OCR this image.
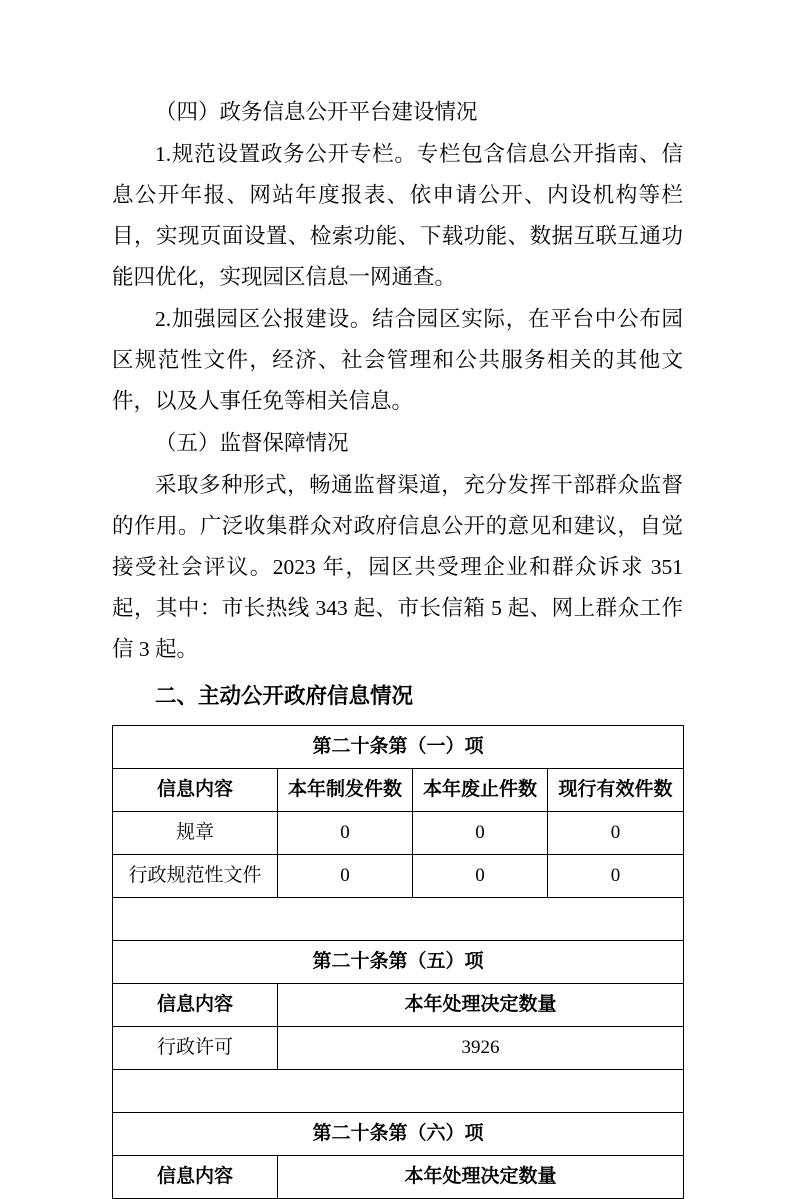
（四）政务信息公开平台建设情况

1.规范设置政务公开专栏。专栏包含信息公开指南、信息公开年报、网站年度报表、依申请公开、内设机构等栏目，实现页面设置、检索功能、下载功能、数据互联互通功能四优化，实现园区信息一网通查。

2.加强园区公报建设。结合园区实际，在平台中公布园区规范性文件，经济、社会管理和公共服务相关的其他文件，以及人事任免等相关信息。

（五）监督保障情况

采取多种形式，畅通监督渠道，充分发挥干部群众监督的作用。广泛收集群众对政府信息公开的意见和建议，自觉接受社会评议。2023 年，园区共受理企业和群众诉求 351 起，其中：市长热线 343 起、市长信箱 5 起、网上群众工作信 3 起。

二、主动公开政府信息情况
第二十条第（一）项			
信息内容	本年制发件数	本年废止件数	现行有效件数
规章	0	0	0
行政规范性文件	0	0	0

第二十条第（五）项			
信息内容	本年处理决定数量		
行政许可	3926		

第二十条第（六）项			
信息内容	本年处理决定数量		
